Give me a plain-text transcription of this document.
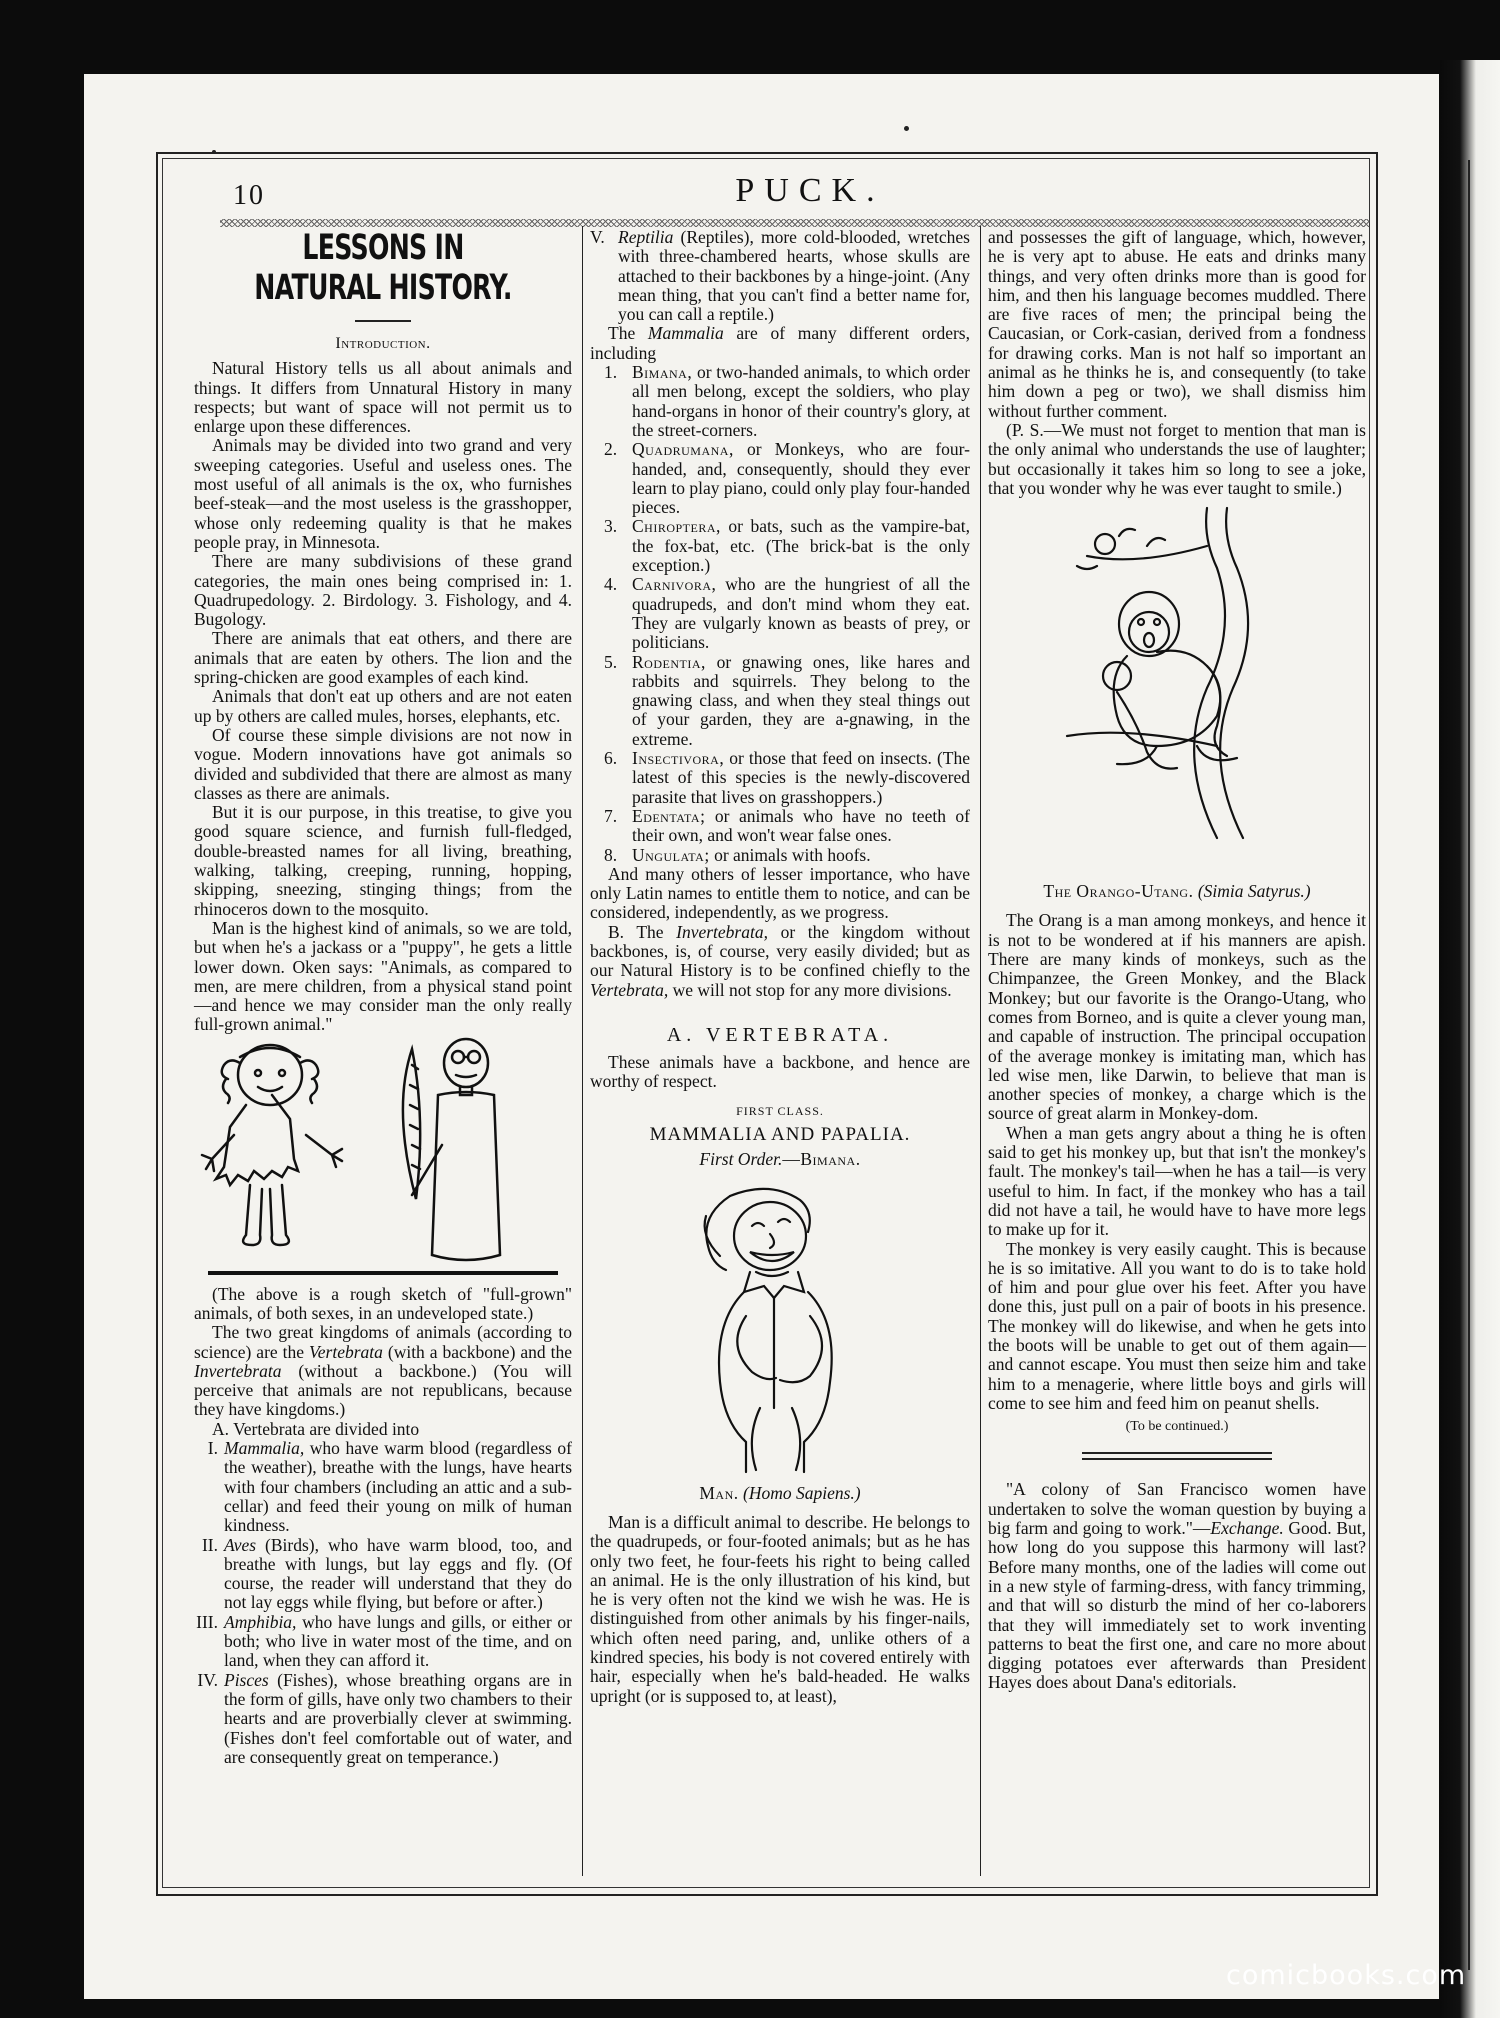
10	PUCK.
LESSONS IN NATURAL HISTORY.

Introduction.

Natural History tells us all about animals and things. It differs from Unnatural History in many respects; but want of space will not permit us to enlarge upon these differences.

Animals may be divided into two grand and very sweeping categories. Useful and useless ones. The most useful of all animals is the ox, who furnishes beef-steak—and the most useless is the grasshopper, whose only redeeming quality is that he makes people pray, in Minnesota.

There are many subdivisions of these grand categories, the main ones being comprised in: 1. Quadrupedology. 2. Birdology. 3. Fishology, and 4. Bugology.

There are animals that eat others, and there are animals that are eaten by others. The lion and the spring-chicken are good examples of each kind.

Animals that don't eat up others and are not eaten up by others are called mules, horses, elephants, etc.

Of course these simple divisions are not now in vogue. Modern innovations have got animals so divided and subdivided that there are almost as many classes as there are animals.

But it is our purpose, in this treatise, to give you good square science, and furnish full-fledged, double-breasted names for all living, breathing, walking, talking, creeping, running, hopping, skipping, sneezing, stinging things; from the rhinoceros down to the mosquito.

Man is the highest kind of animals, so we are told, but when he's a jackass or a "puppy", he gets a little lower down. Oken says: "Animals, as compared to men, are mere children, from a physical stand point—and hence we may consider man the only really full-grown animal."

(The above is a rough sketch of "full-grown" animals, of both sexes, in an undeveloped state.)

The two great kingdoms of animals (according to science) are the Vertebrata (with a backbone) and the Invertebrata (without a backbone.) (You will perceive that animals are not republicans, because they have kingdoms.)

A. Vertebrata are divided into

I. Mammalia, who have warm blood (regardless of the weather), breathe with the lungs, have hearts with four chambers (including an attic and a sub-cellar) and feed their young on milk of human kindness.
II. Aves (Birds), who have warm blood, too, and breathe with lungs, but lay eggs and fly. (Of course, the reader will understand that they do not lay eggs while flying, but before or after.)
III. Amphibia, who have lungs and gills, or either or both; who live in water most of the time, and on land, when they can afford it.
IV. Pisces (Fishes), whose breathing organs are in the form of gills, have only two chambers to their hearts and are proverbially clever at swimming. (Fishes don't feel comfortable out of water, and are consequently great on temperance.)
V. Reptilia (Reptiles), more cold-blooded, wretches with three-chambered hearts, whose skulls are attached to their backbones by a hinge-joint. (Any mean thing, that you can't find a better name for, you can call a reptile.)

The Mammalia are of many different orders, including

1. Bimana, or two-handed animals, to which order all men belong, except the soldiers, who play hand-organs in honor of their country's glory, at the street-corners.
2. Quadrumana, or Monkeys, who are four-handed, and, consequently, should they ever learn to play piano, could only play four-handed pieces.
3. Chiroptera, or bats, such as the vampire-bat, the fox-bat, etc. (The brick-bat is the only exception.)
4. Carnivora, who are the hungriest of all the quadrupeds, and don't mind whom they eat. They are vulgarly known as beasts of prey, or politicians.
5. Rodentia, or gnawing ones, like hares and rabbits and squirrels. They belong to the gnawing class, and when they steal things out of your garden, they are a-gnawing, in the extreme.
6. Insectivora, or those that feed on insects. (The latest of this species is the newly-discovered parasite that lives on grasshoppers.)
7. Edentata; or animals who have no teeth of their own, and won't wear false ones.
8. Ungulata; or animals with hoofs.

And many others of lesser importance, who have only Latin names to entitle them to notice, and can be considered, independently, as we progress.

B. The Invertebrata, or the kingdom without backbones, is, of course, very easily divided; but as our Natural History is to be confined chiefly to the Vertebrata, we will not stop for any more divisions.

A. VERTEBRATA.

These animals have a backbone, and hence are worthy of respect.

FIRST CLASS.

MAMMALIA AND PAPALIA.

First Order.—Bimana.

Man. (Homo Sapiens.)

Man is a difficult animal to describe. He belongs to the quadrupeds, or four-footed animals; but as he has only two feet, he four-feets his right to being called an animal. He is the only illustration of his kind, but he is very often not the kind we wish he was. He is distinguished from other animals by his finger-nails, which often need paring, and, unlike others of a kindred species, his body is not covered entirely with hair, especially when he's bald-headed. He walks upright (or is supposed to, at least),

and possesses the gift of language, which, however, he is very apt to abuse. He eats and drinks many things, and very often drinks more than is good for him, and then his language becomes muddled. There are five races of men; the principal being the Caucasian, or Cork-casian, derived from a fondness for drawing corks. Man is not half so important an animal as he thinks he is, and consequently (to take him down a peg or two), we shall dismiss him without further comment.

(P. S.—We must not forget to mention that man is the only animal who understands the use of laughter; but occasionally it takes him so long to see a joke, that you wonder why he was ever taught to smile.)

The Orango-Utang. (Simia Satyrus.)

The Orang is a man among monkeys, and hence it is not to be wondered at if his manners are apish. There are many kinds of monkeys, such as the Chimpanzee, the Green Monkey, and the Black Monkey; but our favorite is the Orango-Utang, who comes from Borneo, and is quite a clever young man, and capable of instruction. The principal occupation of the average monkey is imitating man, which has led wise men, like Darwin, to believe that man is another species of monkey, a charge which is the source of great alarm in Monkey-dom.

When a man gets angry about a thing he is often said to get his monkey up, but that isn't the monkey's fault. The monkey's tail—when he has a tail—is very useful to him. In fact, if the monkey who has a tail did not have a tail, he would have to have more legs to make up for it.

The monkey is very easily caught. This is because he is so imitative. All you want to do is to take hold of him and pour glue over his feet. After you have done this, just pull on a pair of boots in his presence. The monkey will do likewise, and when he gets into the boots will be unable to get out of them again—and cannot escape. You must then seize him and take him to a menagerie, where little boys and girls will come to see him and feed him on peanut shells.

(To be continued.)

"A colony of San Francisco women have undertaken to solve the woman question by buying a big farm and going to work."—Exchange. Good. But, how long do you suppose this harmony will last? Before many months, one of the ladies will come out in a new style of farming-dress, with fancy trimming, and that will so disturb the mind of her co-laborers that they will immediately set to work inventing patterns to beat the first one, and care no more about digging potatoes ever afterwards than President Hayes does about Dana's editorials.

comicbooks.com
